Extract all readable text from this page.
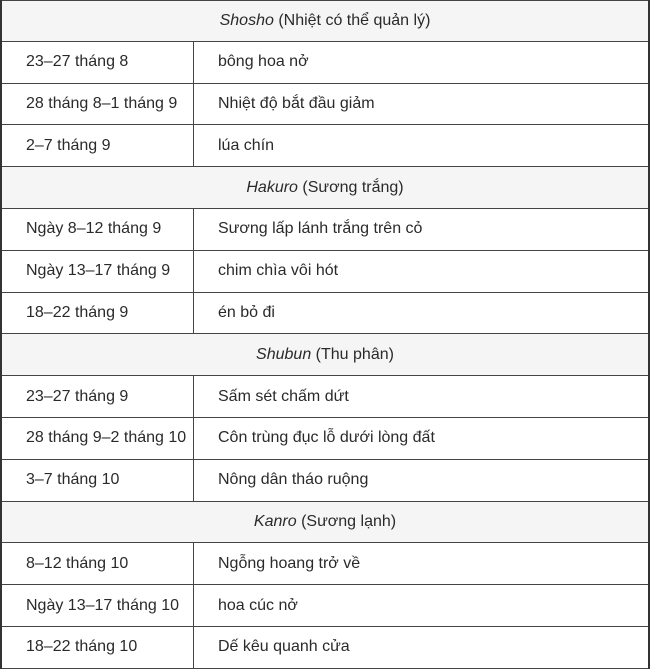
Shosho
(Nhiệt có thể quản lý)
23–27 tháng 8	bông hoa nở
28 tháng 8–1 tháng 9	Nhiệt độ bắt đầu giảm
2–7 tháng 9	lúa chín
Hakuro
(Sương trắng)
Ngày 8–12 tháng 9	Sương lấp lánh trắng trên cỏ
Ngày 13–17 tháng 9	chim chìa vôi hót
18–22 tháng 9	én bỏ đi
Shubun
(Thu phân)
23–27 tháng 9	Sấm sét chấm dứt
28 tháng 9–2 tháng 10	Côn trùng đục lỗ dưới lòng đất
3–7 tháng 10	Nông dân tháo ruộng
Kanro
(Sương lạnh)
8–12 tháng 10	Ngỗng hoang trở về
Ngày 13–17 tháng 10	hoa cúc nở
18–22 tháng 10	Dế kêu quanh cửa
